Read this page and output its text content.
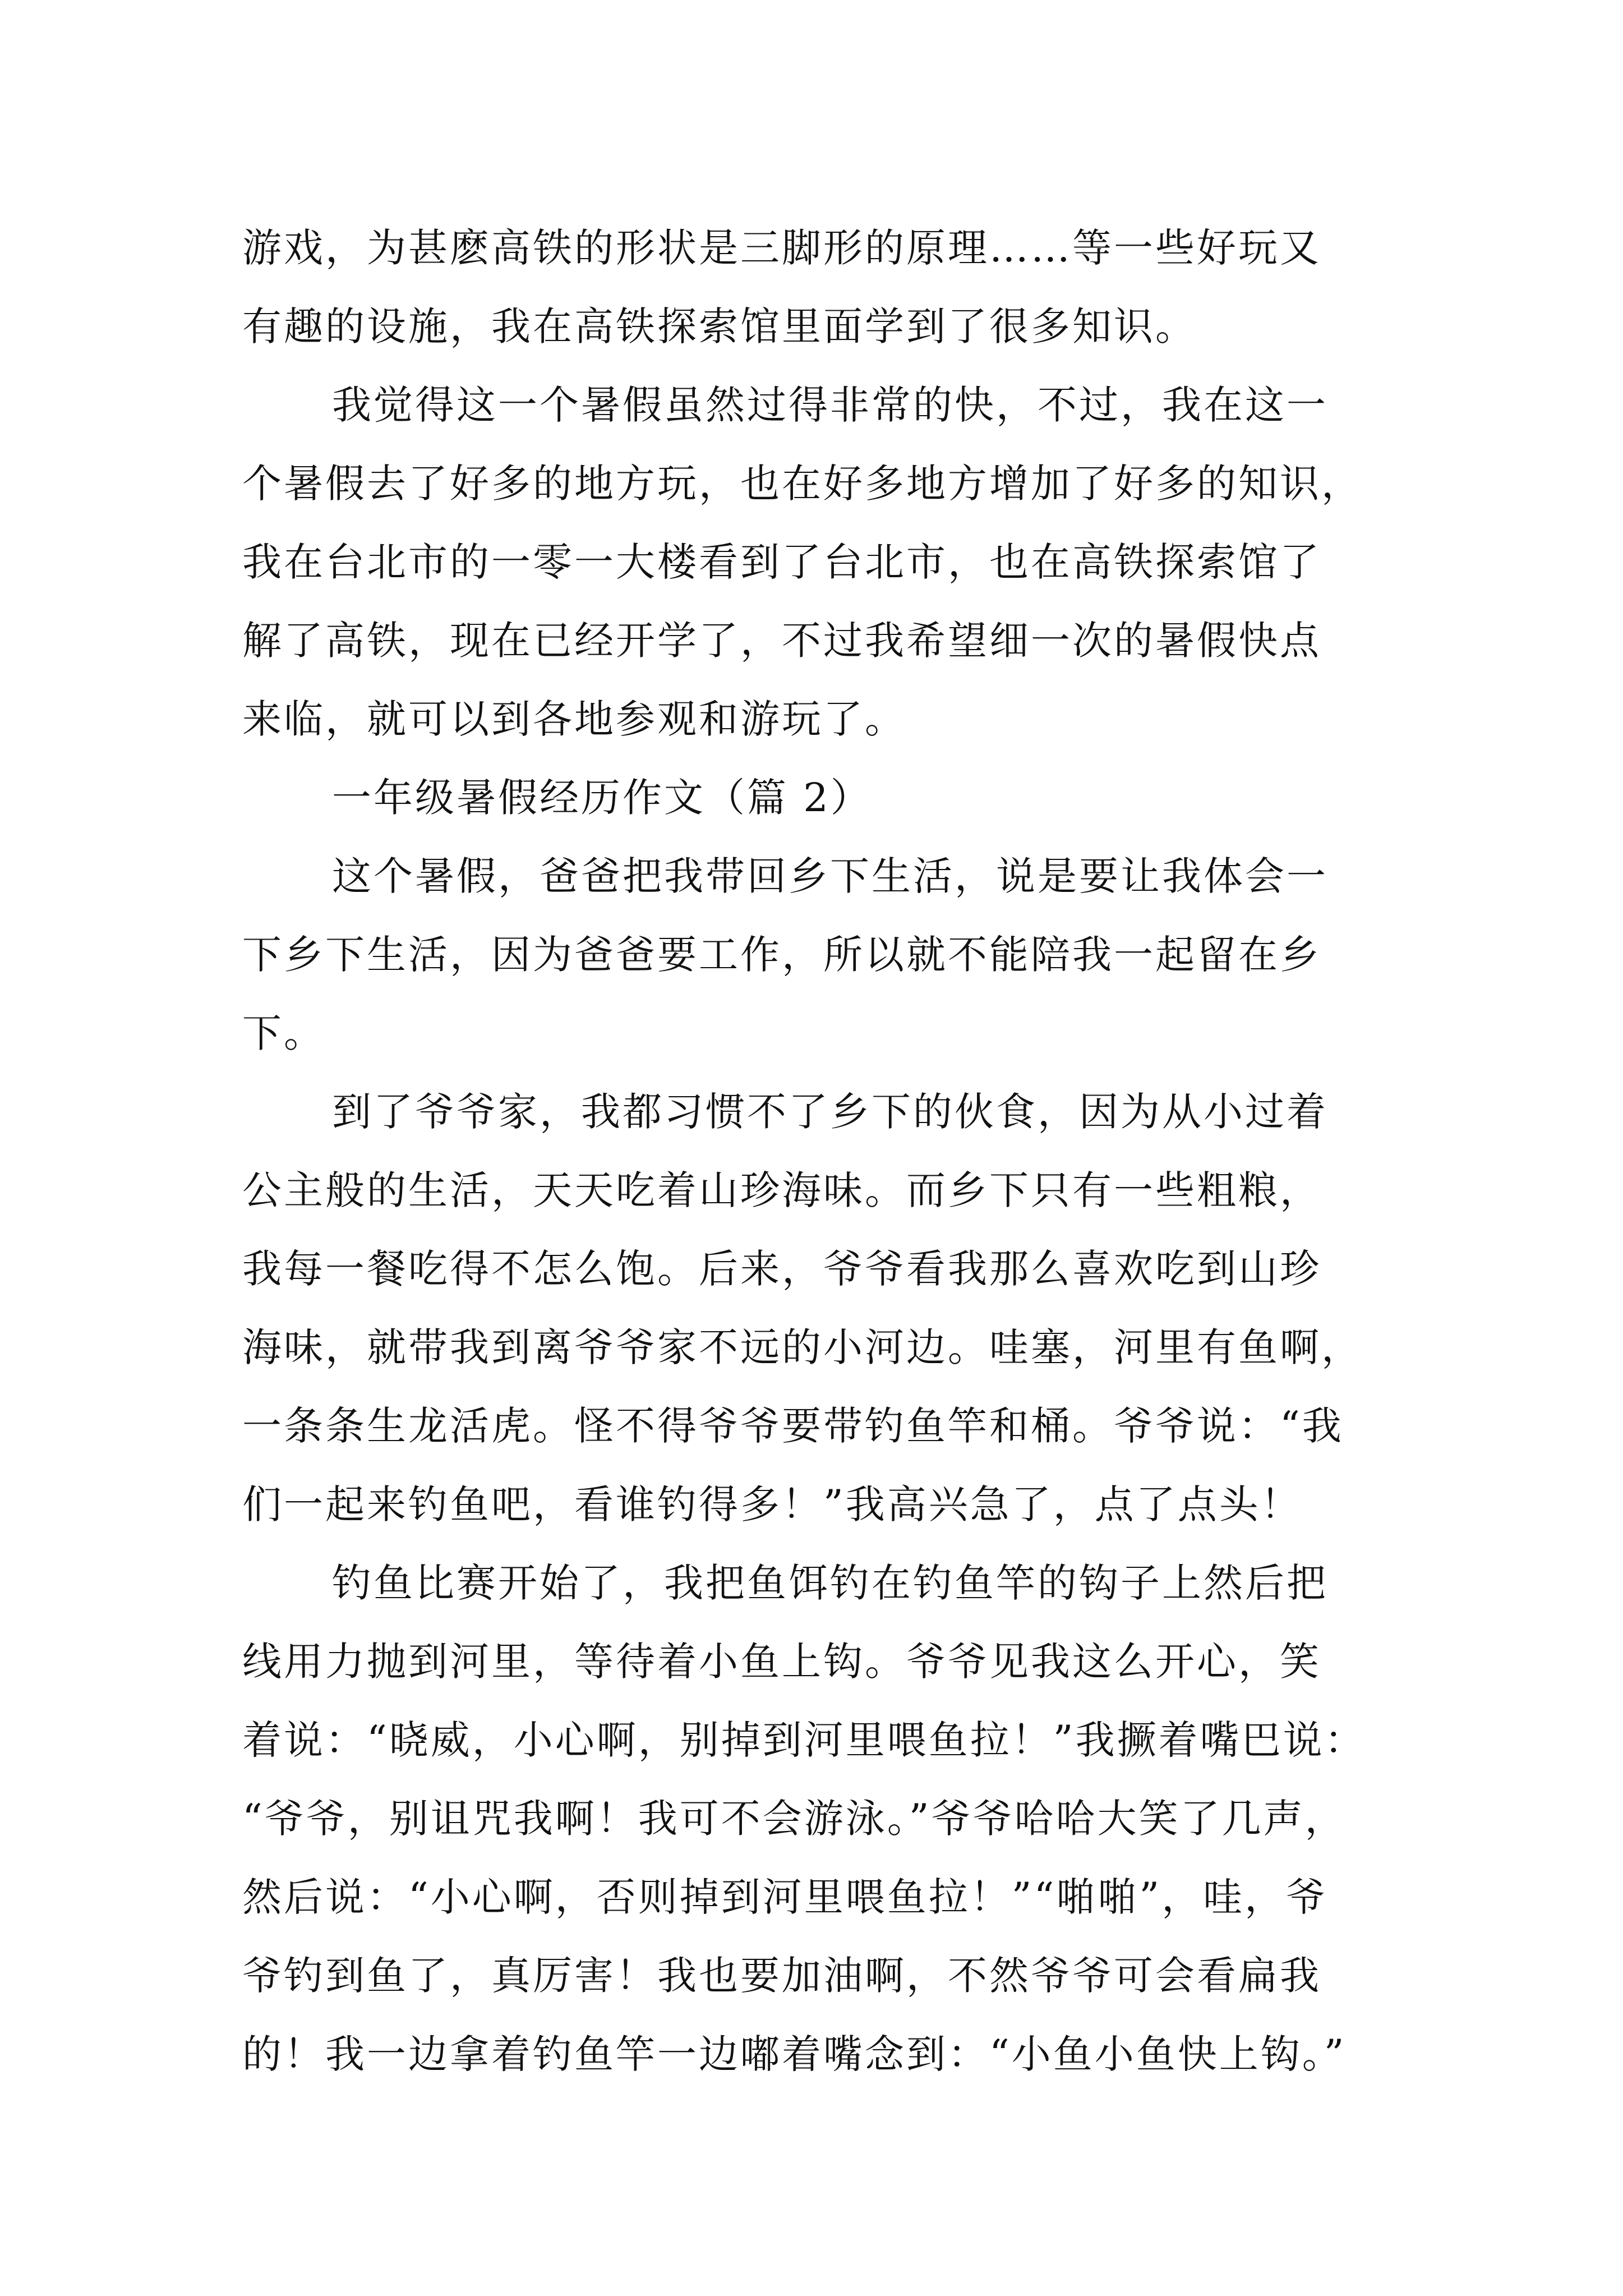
游戏，为甚麽高铁的形状是三脚形的原理……等一些好玩又
有趣的设施，我在高铁探索馆里面学到了很多知识。

我觉得这一个暑假虽然过得非常的快，不过，我在这一
个暑假去了好多的地方玩，也在好多地方增加了好多的知识，
我在台北市的一零一大楼看到了台北市，也在高铁探索馆了
解了高铁，现在已经开学了，不过我希望细一次的暑假快点
来临，就可以到各地参观和游玩了。

一年级暑假经历作文（篇 2）

这个暑假，爸爸把我带回乡下生活，说是要让我体会一
下乡下生活，因为爸爸要工作，所以就不能陪我一起留在乡
下。

到了爷爷家，我都习惯不了乡下的伙食，因为从小过着
公主般的生活，天天吃着山珍海味。而乡下只有一些粗粮，
我每一餐吃得不怎么饱。后来，爷爷看我那么喜欢吃到山珍
海味，就带我到离爷爷家不远的小河边。哇塞，河里有鱼啊，
一条条生龙活虎。怪不得爷爷要带钓鱼竿和桶。爷爷说：“我
们一起来钓鱼吧，看谁钓得多！”我高兴急了，点了点头！

钓鱼比赛开始了，我把鱼饵钓在钓鱼竿的钩子上然后把
线用力抛到河里，等待着小鱼上钩。爷爷见我这么开心，笑
着说：“晓威，小心啊，别掉到河里喂鱼拉！”我撅着嘴巴说：
“爷爷，别诅咒我啊！我可不会游泳。”爷爷哈哈大笑了几声，
然后说：“小心啊，否则掉到河里喂鱼拉！”“啪啪”，哇，爷
爷钓到鱼了，真厉害！我也要加油啊，不然爷爷可会看扁我
的！我一边拿着钓鱼竿一边嘟着嘴念到：“小鱼小鱼快上钩。”
